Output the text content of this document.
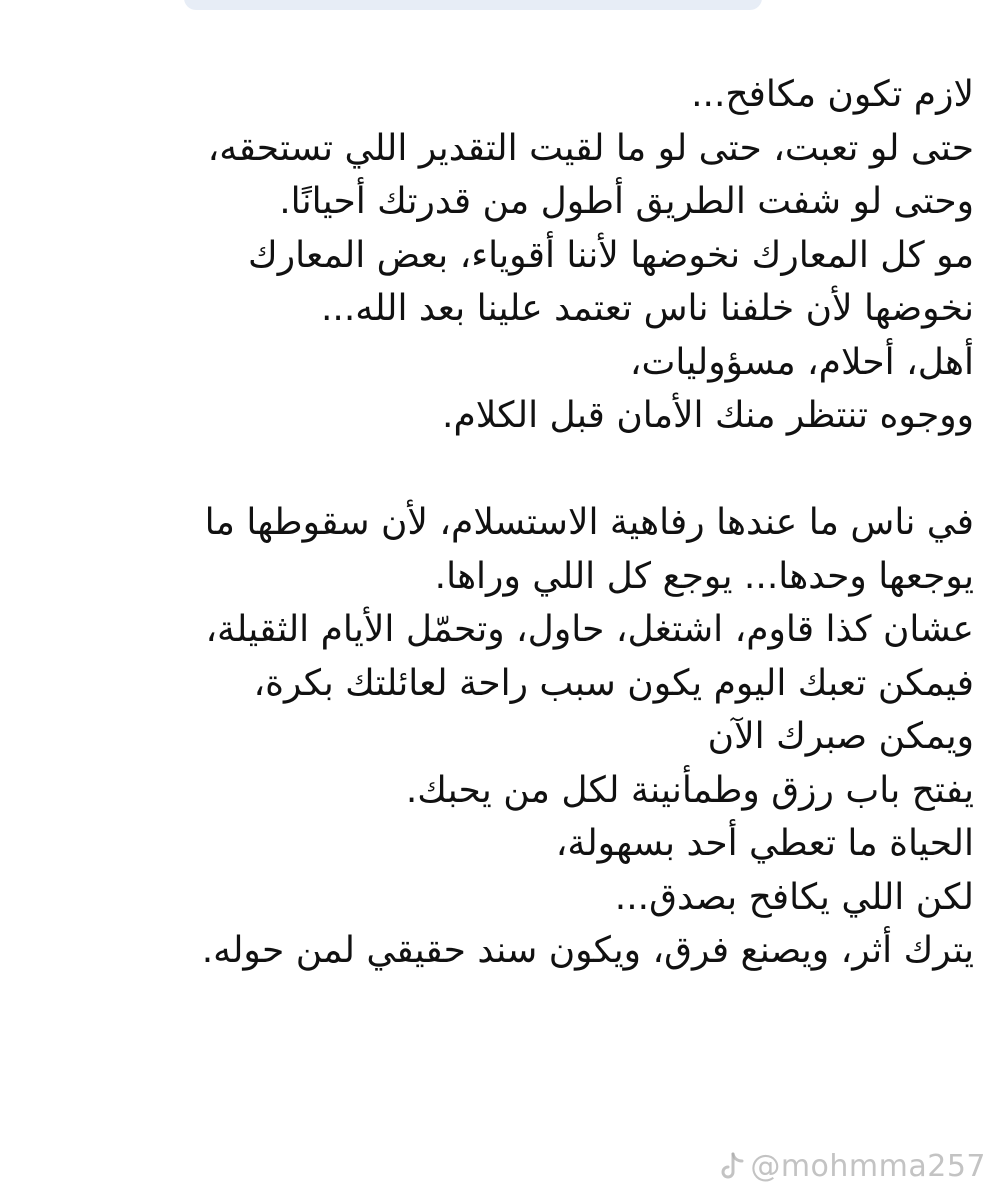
لازم تكون مكافح...
حتى لو تعبت، حتى لو ما لقيت التقدير اللي تستحقه،
وحتى لو شفت الطريق أطول من قدرتك أحيانًا.
مو كل المعارك نخوضها لأننا أقوياء، بعض المعارك
نخوضها لأن خلفنا ناس تعتمد علينا بعد الله...
أهل، أحلام، مسؤوليات،
ووجوه تنتظر منك الأمان قبل الكلام.
في ناس ما عندها رفاهية الاستسلام، لأن سقوطها ما
يوجعها وحدها... يوجع كل اللي وراها.
عشان كذا قاوم، اشتغل، حاول، وتحمّل الأيام الثقيلة،
فيمكن تعبك اليوم يكون سبب راحة لعائلتك بكرة،
ويمكن صبرك الآن
يفتح باب رزق وطمأنينة لكل من يحبك.
الحياة ما تعطي أحد بسهولة،
لكن اللي يكافح بصدق...
يترك أثر، ويصنع فرق، ويكون سند حقيقي لمن حوله.
@mohmma257
